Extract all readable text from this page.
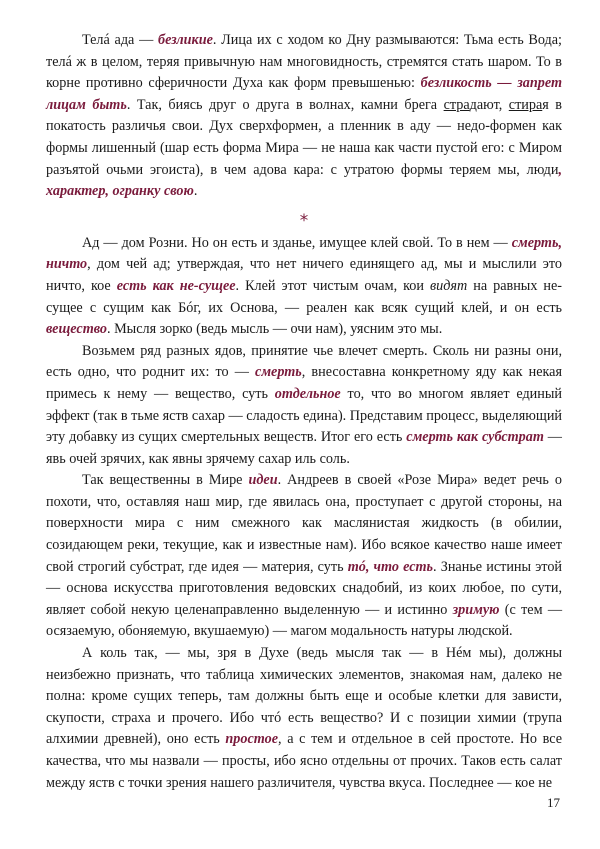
Телá ада — безликие. Лица их с ходом ко Дну размываются: Тьма есть Вода; телá ж в целом, теряя привычную нам многовидность, стремятся стать шаром. То в корне противно сферичности Духа как форм превышенью: безликость — запрет лицам быть. Так, биясь друг о друга в волнах, камни брега страдают, стирая в покатость различья свои. Дух сверхформен, а пленник в аду — недо-формен как формы лишенный (шар есть форма Мира — не наша как части пустой его: с Миром разъятой очьми эгоиста), в чем адова кара: с утратою формы теряем мы, люди, характер, огранку свою.

*

Ад — дом Розни. Но он есть и зданье, имущее клей свой. То в нем — смерть, ничто, дом чей ад; утверждая, что нет ничего единящего ад, мы и мыслили это ничто, кое есть как не-сущее. Клей этот чистым очам, кои видят на равных не-сущее с сущим как Бóг, их Основа, — реален как всяк сущий клей, и он есть вещество. Мысля зорко (ведь мысль — очи нам), уясним это мы.

Возьмем ряд разных ядов, принятие чье влечет смерть. Сколь ни разны они, есть одно, что роднит их: то — смерть, внесоставна конкретному яду как некая примесь к нему — вещество, суть отдельное то, что во многом являет единый эффект (так в тьме яств сахар — сладость едина). Представим процесс, выделяющий эту добавку из сущих смертельных веществ. Итог его есть смерть как субстрат — явь очей зрячих, как явны зрячему сахар иль соль.

Так вещественны в Мире идеи. Андреев в своей «Розе Мира» ведет речь о похоти, что, оставляя наш мир, где явилась она, проступает с другой стороны, на поверхности мира с ним смежного как маслянистая жидкость (в обилии, созидающем реки, текущие, как и известные нам). Ибо всякое качество наше имеет свой строгий субстрат, где идея — материя, суть тó, что есть. Знанье истины этой — основа искусства приготовления ведовских снадобий, из коих любое, по сути, являет собой некую целенаправленно выделенную — и истинно зримую (с тем — осязаемую, обоняемую, вкушаемую) — магом модальность натуры людской.

А коль так, — мы, зря в Духе (ведь мысля так — в Нéм мы), должны неизбежно признать, что таблица химических элементов, знакомая нам, далеко не полна: кроме сущих теперь, там должны быть еще и особые клетки для зависти, скупости, страха и прочего. Ибо чтó есть вещество? И с позиции химии (трупа алхимии древней), оно есть простое, а с тем и отдельное в сей простоте. Но все качества, что мы назвали — просты, ибо ясно отдельны от прочих. Таков есть салат между яств с точки зрения нашего различителя, чувства вкуса. Последнее — кое не

17
